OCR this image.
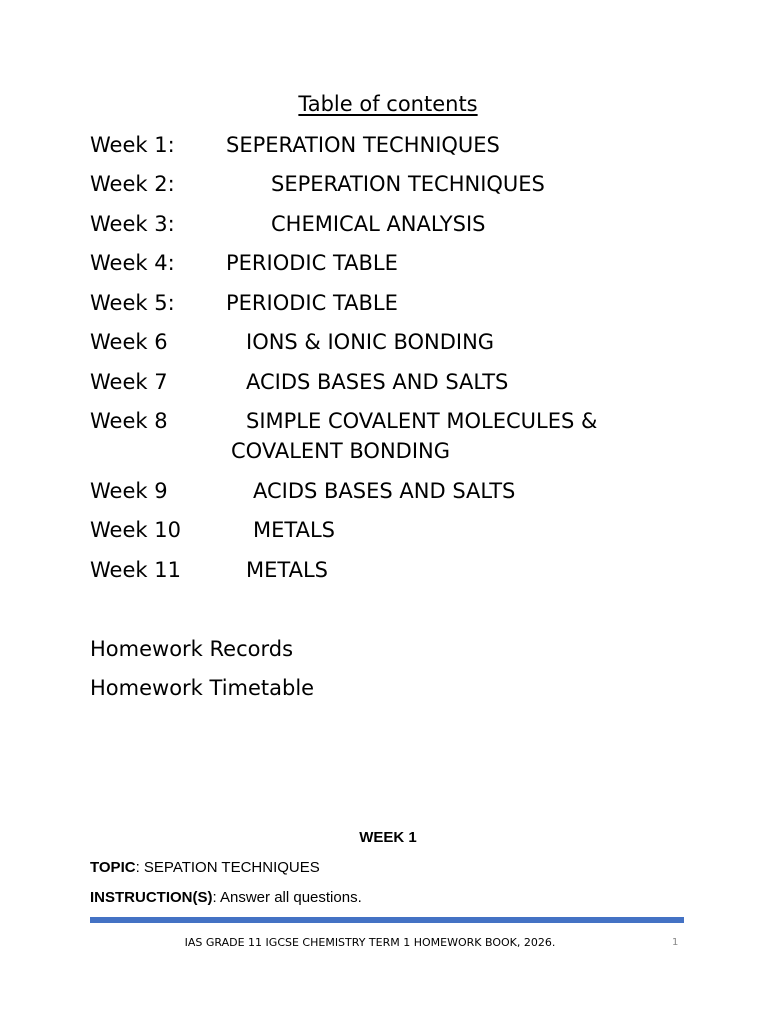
Table of contents
Week 1: SEPERATION TECHNIQUES
Week 2:	SEPERATION TECHNIQUES
Week 3:	CHEMICAL ANALYSIS
Week 4: PERIODIC TABLE
Week 5: PERIODIC TABLE
Week 6	IONS & IONIC BONDING
Week 7	ACIDS BASES AND SALTS
Week 8	SIMPLE COVALENT MOLECULES &
COVALENT BONDING
Week 9	ACIDS BASES AND SALTS
Week 10	METALS
Week 11	METALS
Homework Records
Homework Timetable
WEEK 1
TOPIC: SEPATION TECHNIQUES
INSTRUCTION(S): Answer all questions.
IAS GRADE 11 IGCSE CHEMISTRY TERM 1 HOMEWORK BOOK, 2026.	1
